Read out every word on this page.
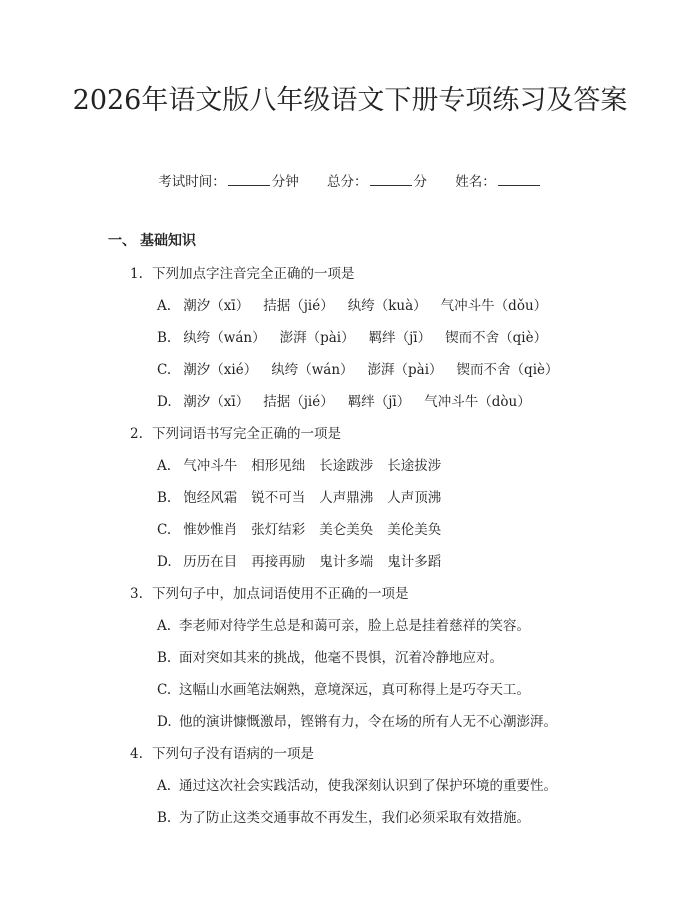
2026年语文版八年级语文下册专项练习及答案
考试时间：	分钟 总分：	分 姓名：
一、 基础知识
1. 下列加点字注音完全正确的一项是
A. 潮汐（xī） 拮据（jié） 纨绔（kuà） 气冲斗牛（dǒu）
B. 纨绔（wán） 澎湃（pài） 羁绊（jī） 锲而不舍（qiè）
C. 潮汐（xié） 纨绔（wán） 澎湃（pài） 锲而不舍（qiè）
D. 潮汐（xī） 拮据（jié） 羁绊（jī） 气冲斗牛（dòu）
2. 下列词语书写完全正确的一项是
A. 气冲斗牛 相形见绌 长途跋涉 长途拔涉
B. 饱经风霜 锐不可当 人声鼎沸 人声顶沸
C. 惟妙惟肖 张灯结彩 美仑美奂 美伦美奂
D. 历历在目 再接再励 鬼计多端 鬼计多蹈
3. 下列句子中，加点词语使用不正确的一项是
A. 李老师对待学生总是和蔼可亲，脸上总是挂着慈祥的笑容。
B. 面对突如其来的挑战，他毫不畏惧，沉着冷静地应对。
C. 这幅山水画笔法娴熟，意境深远，真可称得上是巧夺天工。
D. 他的演讲慷慨激昂，铿锵有力，令在场的所有人无不心潮澎湃。
4. 下列句子没有语病的一项是
A. 通过这次社会实践活动，使我深刻认识到了保护环境的重要性。
B. 为了防止这类交通事故不再发生，我们必须采取有效措施。
